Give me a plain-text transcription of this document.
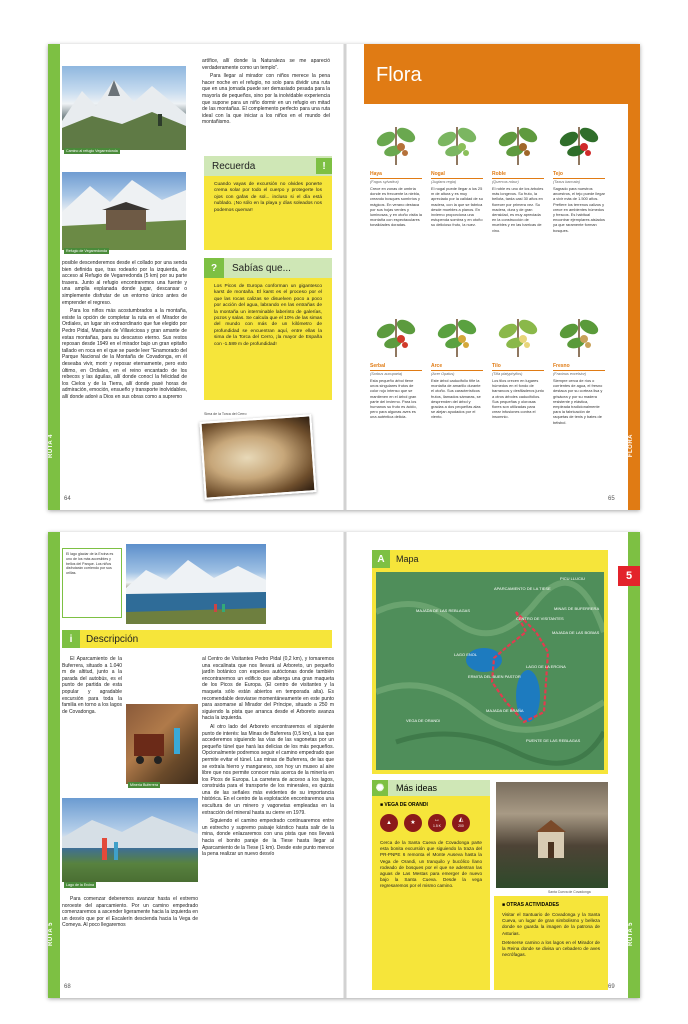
RUTA 4
64
Camino al refugio Vegarredonda
Refugio de Vegarredonda

posible descenderemos desde el collado por una senda bien definida que, tras rodearlo por la izquierda, de acceso al Refugio de Vegarredonda (5 km) por su parte trasera. Junto al refugio encontraremos una fuente y una amplia explanada donde jugar, descansar o simplemente disfrutar de un entorno único antes de emprender el regreso.

Para los niños más acostumbrados a la montaña, existe la opción de completar la ruta en el Mirador de Ordiales, un lugar sin extraordinario que fue elegido por Pedro Pidal, Marqués de Villaviciosa y gran amante de estas montañas, para su descanso eterno. Sus restos reposan desde 1949 en el mirador bajo un gran epitafio tallado en roca en el que se puede leer "Enamorado del Parque Nacional de la Montaña de Covadonga, en él deseaba vivir, morir y reposar eternamente, pero esto último, en Ordiales, en el reino encantado de los rebecos y las águilas, allí donde conocí la felicidad de los Cielos y de la Tierra, allí donde pasé horas de admiración, emoción, ensueño y transporte inolvidables, allí donde adoré a Dios en sus obras como a supremo

artífice, allí donde la Naturaleza se me apareció verdaderamente como un templo".

Para llegar al mirador con niños merece la pena hacer noche en el refugio, no solo para dividir una ruta que en una jornada puede ser demasiado pesada para la mayoría de pequeños, sino por la inolvidable experiencia que supone para un niño dormir en un refugio en mitad de las montañas. El complemento perfecto para una ruta ideal con la que iniciar a los niños en el mundo del montañismo.

Recuerda	!
Cuando vayas de excursión no olvides ponerte crema solar por todo el cuerpo y protegerte los ojos con gafas de sol... incluso si el día está nublado. ¡No sólo en la playa y días soleados nos podemos quemar!
?	Sabías que...
Los Picos de Europa conforman un gigantesco karst de montaña. El karst es el proceso por el que las rocas calizas se disuelven poco a poco por acción del agua, labrando en las entrañas de la montaña un interminable laberinto de galerías, pozos y salas. Se calcula que el 10% de las simas del mundo con más de un kilómetro de profundidad se encuentran aquí, entre ellas la sima de la Torca del Cerro, ¡la mayor de España con -1.589 m de profundidad!
Sima de la Torca del Cerro
Flora
FLORA
65
Haya
(Fagus sylvatica)
Crece en zonas de umbría donde es frecuente la niebla, creando bosques sombríos y mágicos. En verano destaca por sus hojas verdes y luminosas, y en otoño visita la montaña con espectaculares tonalidades doradas.
Nogal
(Juglans regia)
El nogal puede llegar a los 25 m de altura y es muy apreciado por la calidad de su madera, con la que se fabrica desde muebles a pianos. En invierno proporciona una estupenda sombra y en otoño su delicioso fruto, la nuez.
Roble
(Quercus robur)
El roble es uno de los árboles más longevos. Su fruto, la bellota, tarda casi 30 años en florecer por primera vez. Su madera, dura y de gran densidad, es muy apreciada en la construcción de muebles y en las barricas de vino.
Tejo
(Taxus baccata)
Sagrado para nuestros ancestros, el tejo puede llegar a vivir más de 1.500 años. Prefiere los terrenos calizos y crece en ambientes húmedos y frescos. Es habitual encontrar ejemplares aislados ya que raramente forman bosques.
Serbal
(Sorbus aucuparia)
Esta pequeño árbol tiene unos singulares frutos de color rojo intenso que se mantienen en el árbol gran parte del invierno. Para los humanos su fruto es ácido, pero para algunas aves es una auténtica delicia.
Arce
(Acer Opalus)
Este árbol caducifolio tiñe la montaña de amarillo durante el otoño. Sus característicos frutos, llamados sámaras, se desprenden del árbol y gracias a dos pequeñas alas se alejan ayudados por el viento.
Tilo
(Tilia platyphyllos)
Los tilos crecen en lugares húmedos en el fondo de barrancos y desfiladeros junto a otros árboles caducifolios. Sus pequeñas y olorosas flores son utilizadas para crear infusiones contra el insomnio.
Fresno
(Fraxinus excelsior)
Siempre cerca de ríos o corrientes de agua, el fresno destaca por su corteza lisa y grisácea y por su madera resistente y elástica, empleada tradicionalmente para la fabricación de raquetas de tenis y bates de béisbol.
RUTA 5
68
El lago glaciar de la Ercina es uno de los más accesibles y bellos del Parque. Los niños disfrutarán corriendo por sus orillas.
i	Descripción

El Aparcamiento de la Buferrera, situado a 1.040 m de altitud, junto a la parada del autobús, es el punto de partida de esta popular y agradable excursión para toda la familia en torno a los lagos de Covadonga.

Minería Buferrera
Lago de la Ercina

Para comenzar deberemos avanzar hasta el extremo noroeste del aparcamiento. Por un camino empedrado comenzaremos a ascender ligeramente hacia la izquierda en un desvío que por el Escalerín descienda hacia la Vega de Comeya. Al poco llegaremos

al Centro de Visitantes Pedro Pidal (0,2 km), y tomaremos una escalinata que nos llevará al Arboreto, un pequeño jardín botánico con especies autóctonas donde también encontraremos un edificio que alberga una gran maqueta de los Picos de Europa. (El centro de visitantes y la maqueta sólo están abiertos en temporada alta). Es recomendable desviarse momentáneamente en este punto para asomarse al Mirador del Príncipe, situado a 250 m siguiendo la pista que arranca desde el Arboreto avanza hacia la izquierda.

Al otro lado del Arboreto encontraremos el siguiente punto de interés: las Minas de Buferrera (0,5 km), a las que accederemos siguiendo las vías de las vagonetas por un pequeño túnel que hará las delicias de los más pequeños. Opcionalmente podremos seguir el camino empedrado que permite evitar el túnel. Las minas de Buferrera, de las que se extraía hierro y manganeso, son hoy un museo al aire libre que nos permite conocer más acerca de la minería en los Picos de Europa. La carretera de acceso a los lagos, construida para el transporte de los minerales, es quizás una de las señales más evidentes de su importancia histórica. En el centro de la explotación encontraremos una escultura de un minero y vagonetas empleadas en la extracción del mineral hasta su cierre en 1979.

Siguiendo el camino empedrado continuaremos entre un estrecho y supremo paisaje kárstico hasta salir de la mina, donde enlazaremos con una pista que nos llevará hacia el bonito paraje de la Tiese hasta llegar al Aparcamiento de la Tiese (1 km). Desde este punto merece la pena realizar un nuevo desvío

RUTA 5
5
69
A	Mapa
APARCAMIENTO DE LA TIESE
MINAS DE BUFERRERA
CENTRO DE VISITANTES
MAJADA DE LAS BOBIAS
LAGO ENOL
LAGO DE LA ERCINA
ERMITA DEL BUEN PASTOR
MAJADA DE BRAÑA
PUENTE DE LAS REBLAGAS
MAJADA DE LAS REBLAGAS
VEGA DE ORANDI
PICU LLUCIU
✺	Más ideas
■ VEGA DE ORANDI
▲	★	↔
1.5 K
◭
200
Cerca de la Santa Cueva de Covadonga parte esta bonita excursión que siguiendo la traza del PR-PNPE 6 remonta el Monte Auseva hasta la Vega de Orandi, un tranquilo y bucólico llano rodeado de bosques por el que se adentran las aguas de Las Mestas para emerger de nuevo bajo la Santa Cueva. Desde la vega regresaremos por el mismo camino.
Santa Cueva de Covadonga
■ OTRAS ACTIVIDADES
Visitar el Santuario de Covadonga y la Santa Cueva, un lugar de gran simbolismo y belleza donde se guarda la imagen de la patrona de Asturias.
Detenerse camino a los lagos en el Mirador de la Reina donde se divisa un cebadero de aves necrófagas.
